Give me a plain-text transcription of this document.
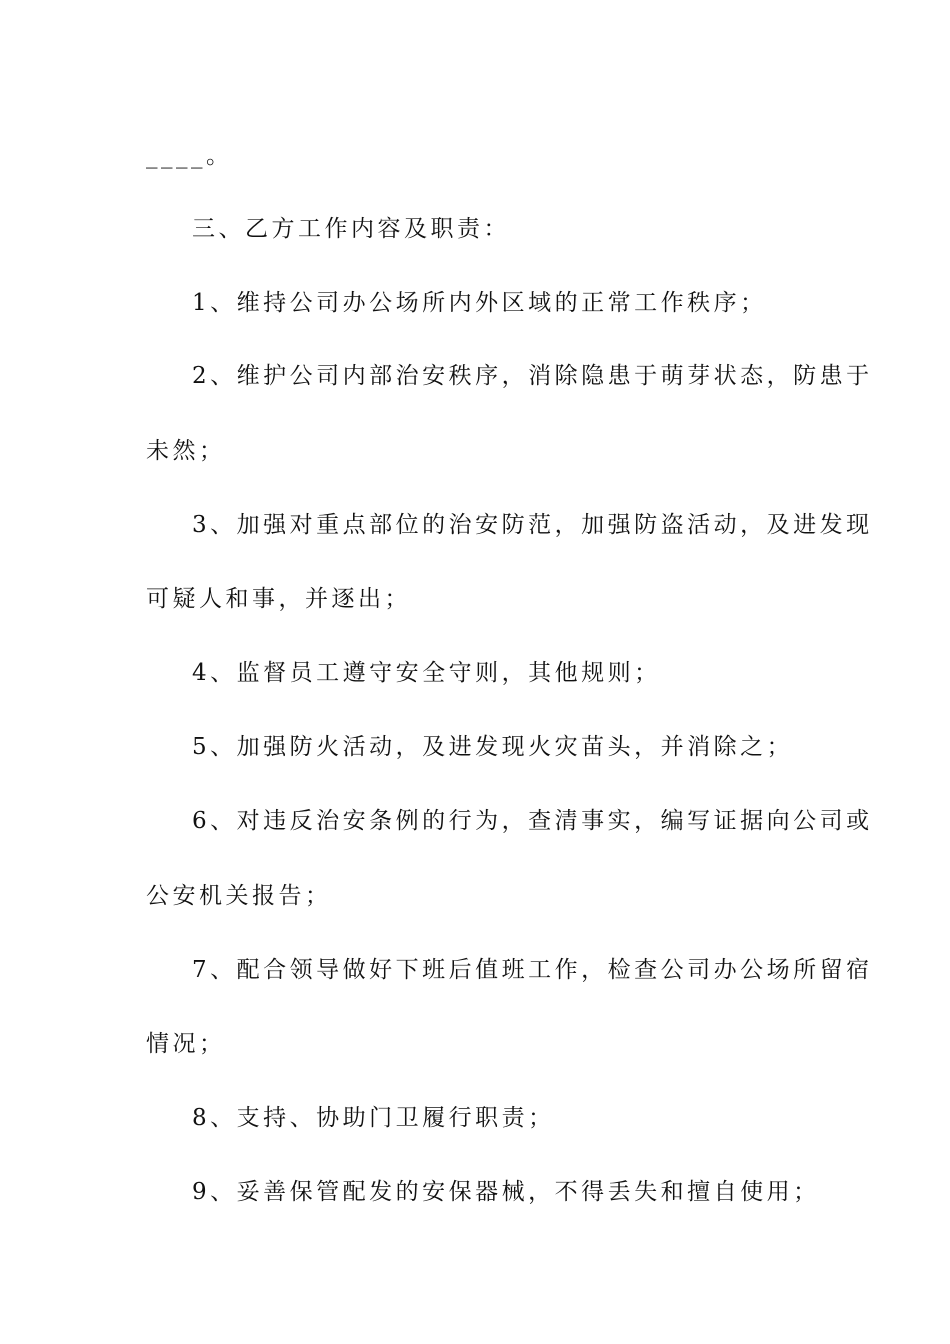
____。
三、乙方工作内容及职责：
1、维持公司办公场所内外区域的正常工作秩序；
2、维护公司内部治安秩序，消除隐患于萌芽状态，防患于
未然；
3、加强对重点部位的治安防范，加强防盗活动，及进发现
可疑人和事，并逐出；
4、监督员工遵守安全守则，其他规则；
5、加强防火活动，及进发现火灾苗头，并消除之；
6、对违反治安条例的行为，查清事实，编写证据向公司或
公安机关报告；
7、配合领导做好下班后值班工作，检查公司办公场所留宿
情况；
8、支持、协助门卫履行职责；
9、妥善保管配发的安保器械，不得丢失和擅自使用；
